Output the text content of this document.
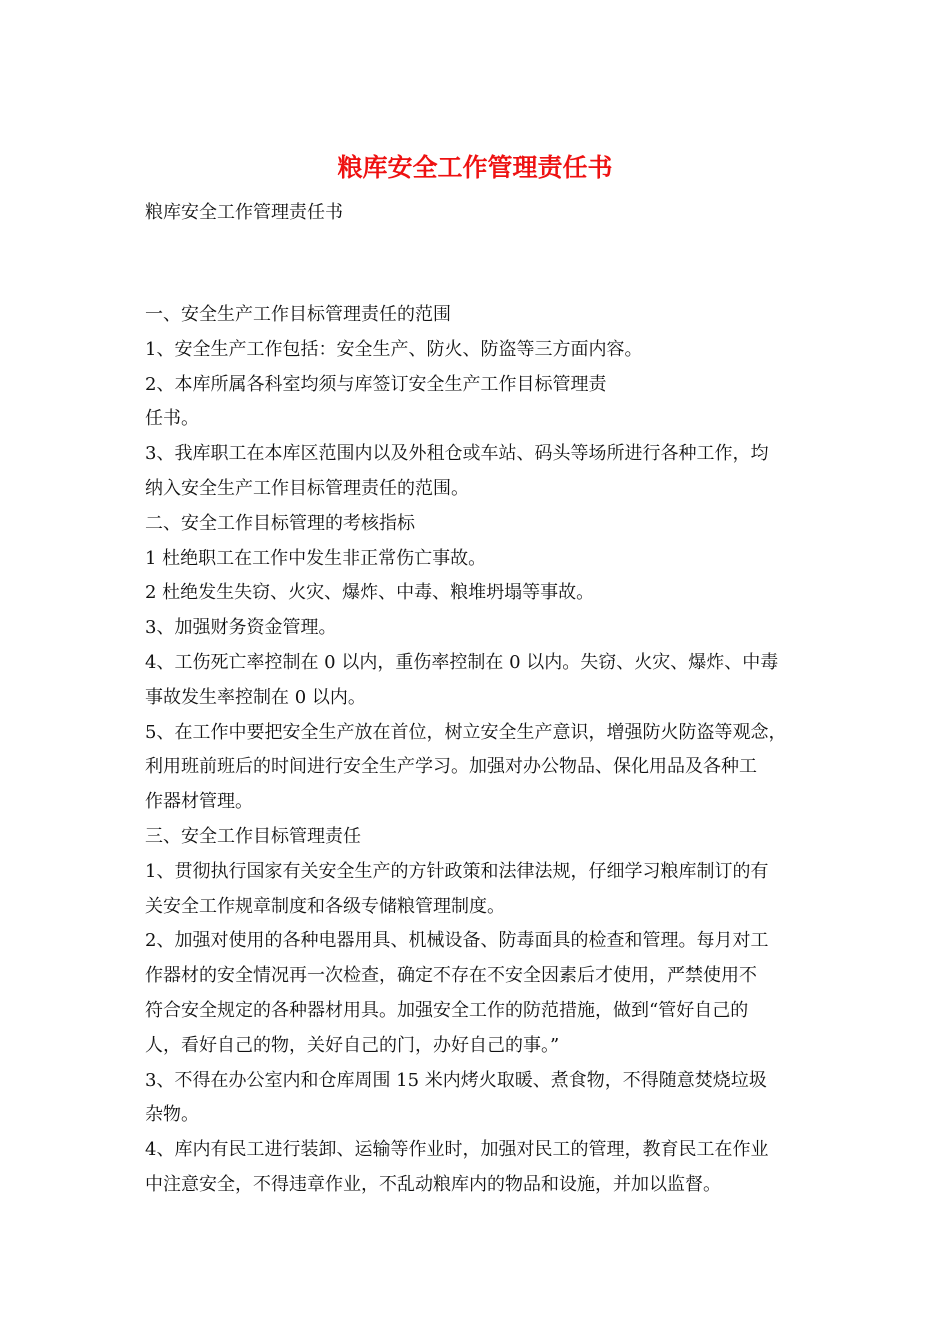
粮库安全工作管理责任书
粮库安全工作管理责任书
一、安全生产工作目标管理责任的范围
1、安全生产工作包括：安全生产、防火、防盗等三方面内容。
2、本库所属各科室均须与库签订安全生产工作目标管理责
任书。
3、我库职工在本库区范围内以及外租仓或车站、码头等场所进行各种工作，均
纳入安全生产工作目标管理责任的范围。
二、安全工作目标管理的考核指标
1 杜绝职工在工作中发生非正常伤亡事故。
2 杜绝发生失窃、火灾、爆炸、中毒、粮堆坍塌等事故。
3、加强财务资金管理。
4、工伤死亡率控制在 0 以内，重伤率控制在 0 以内。失窃、火灾、爆炸、中毒
事故发生率控制在 0 以内。
5、在工作中要把安全生产放在首位，树立安全生产意识，增强防火防盗等观念，
利用班前班后的时间进行安全生产学习。加强对办公物品、保化用品及各种工
作器材管理。
三、安全工作目标管理责任
1、贯彻执行国家有关安全生产的方针政策和法律法规，仔细学习粮库制订的有
关安全工作规章制度和各级专储粮管理制度。
2、加强对使用的各种电器用具、机械设备、防毒面具的检查和管理。每月对工
作器材的安全情况再一次检查，确定不存在不安全因素后才使用，严禁使用不
符合安全规定的各种器材用具。加强安全工作的防范措施，做到“管好自己的
人，看好自己的物，关好自己的门，办好自己的事。”
3、不得在办公室内和仓库周围 15 米内烤火取暖、煮食物，不得随意焚烧垃圾
杂物。
4、库内有民工进行装卸、运输等作业时，加强对民工的管理，教育民工在作业
中注意安全，不得违章作业，不乱动粮库内的物品和设施，并加以监督。
